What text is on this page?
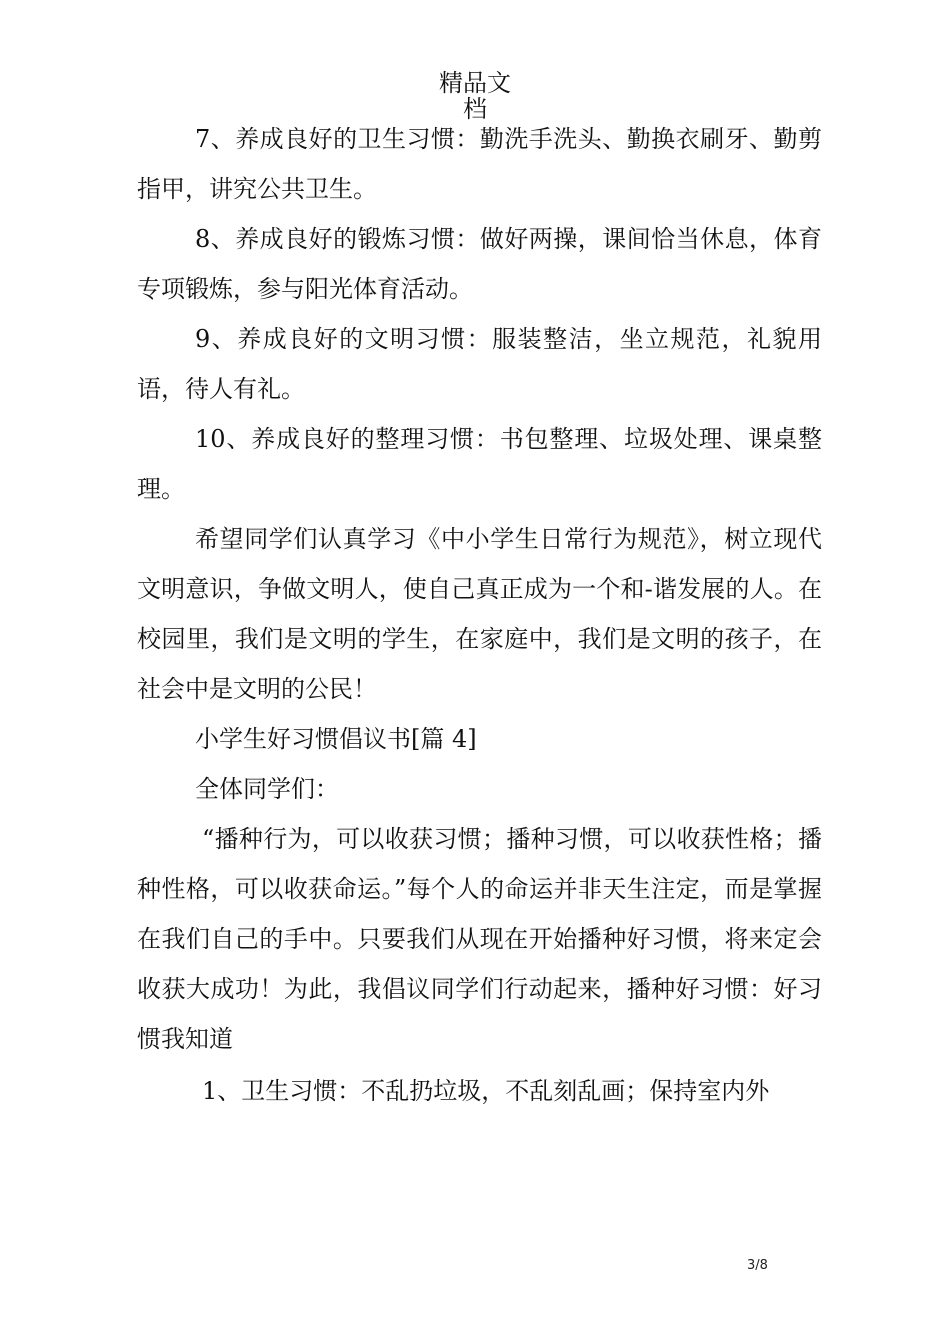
精品文
档

7、养成良好的卫生习惯：勤洗手洗头、勤换衣刷牙、勤剪指甲，讲究公共卫生。

8、养成良好的锻炼习惯：做好两操，课间恰当休息，体育专项锻炼，参与阳光体育活动。

9、养成良好的文明习惯：服装整洁，坐立规范，礼貌用语，待人有礼。

10、养成良好的整理习惯：书包整理、垃圾处理、课桌整理。

希望同学们认真学习《中小学生日常行为规范》，树立现代文明意识，争做文明人，使自己真正成为一个和-谐发展的人。在校园里，我们是文明的学生，在家庭中，我们是文明的孩子，在社会中是文明的公民！

小学生好习惯倡议书[篇 4]

全体同学们：

“播种行为，可以收获习惯；播种习惯，可以收获性格；播种性格，可以收获命运。”每个人的命运并非天生注定，而是掌握在我们自己的手中。只要我们从现在开始播种好习惯，将来定会收获大成功！为此，我倡议同学们行动起来，播种好习惯：好习惯我知道

1、卫生习惯：不乱扔垃圾，不乱刻乱画；保持室内外

3/8
